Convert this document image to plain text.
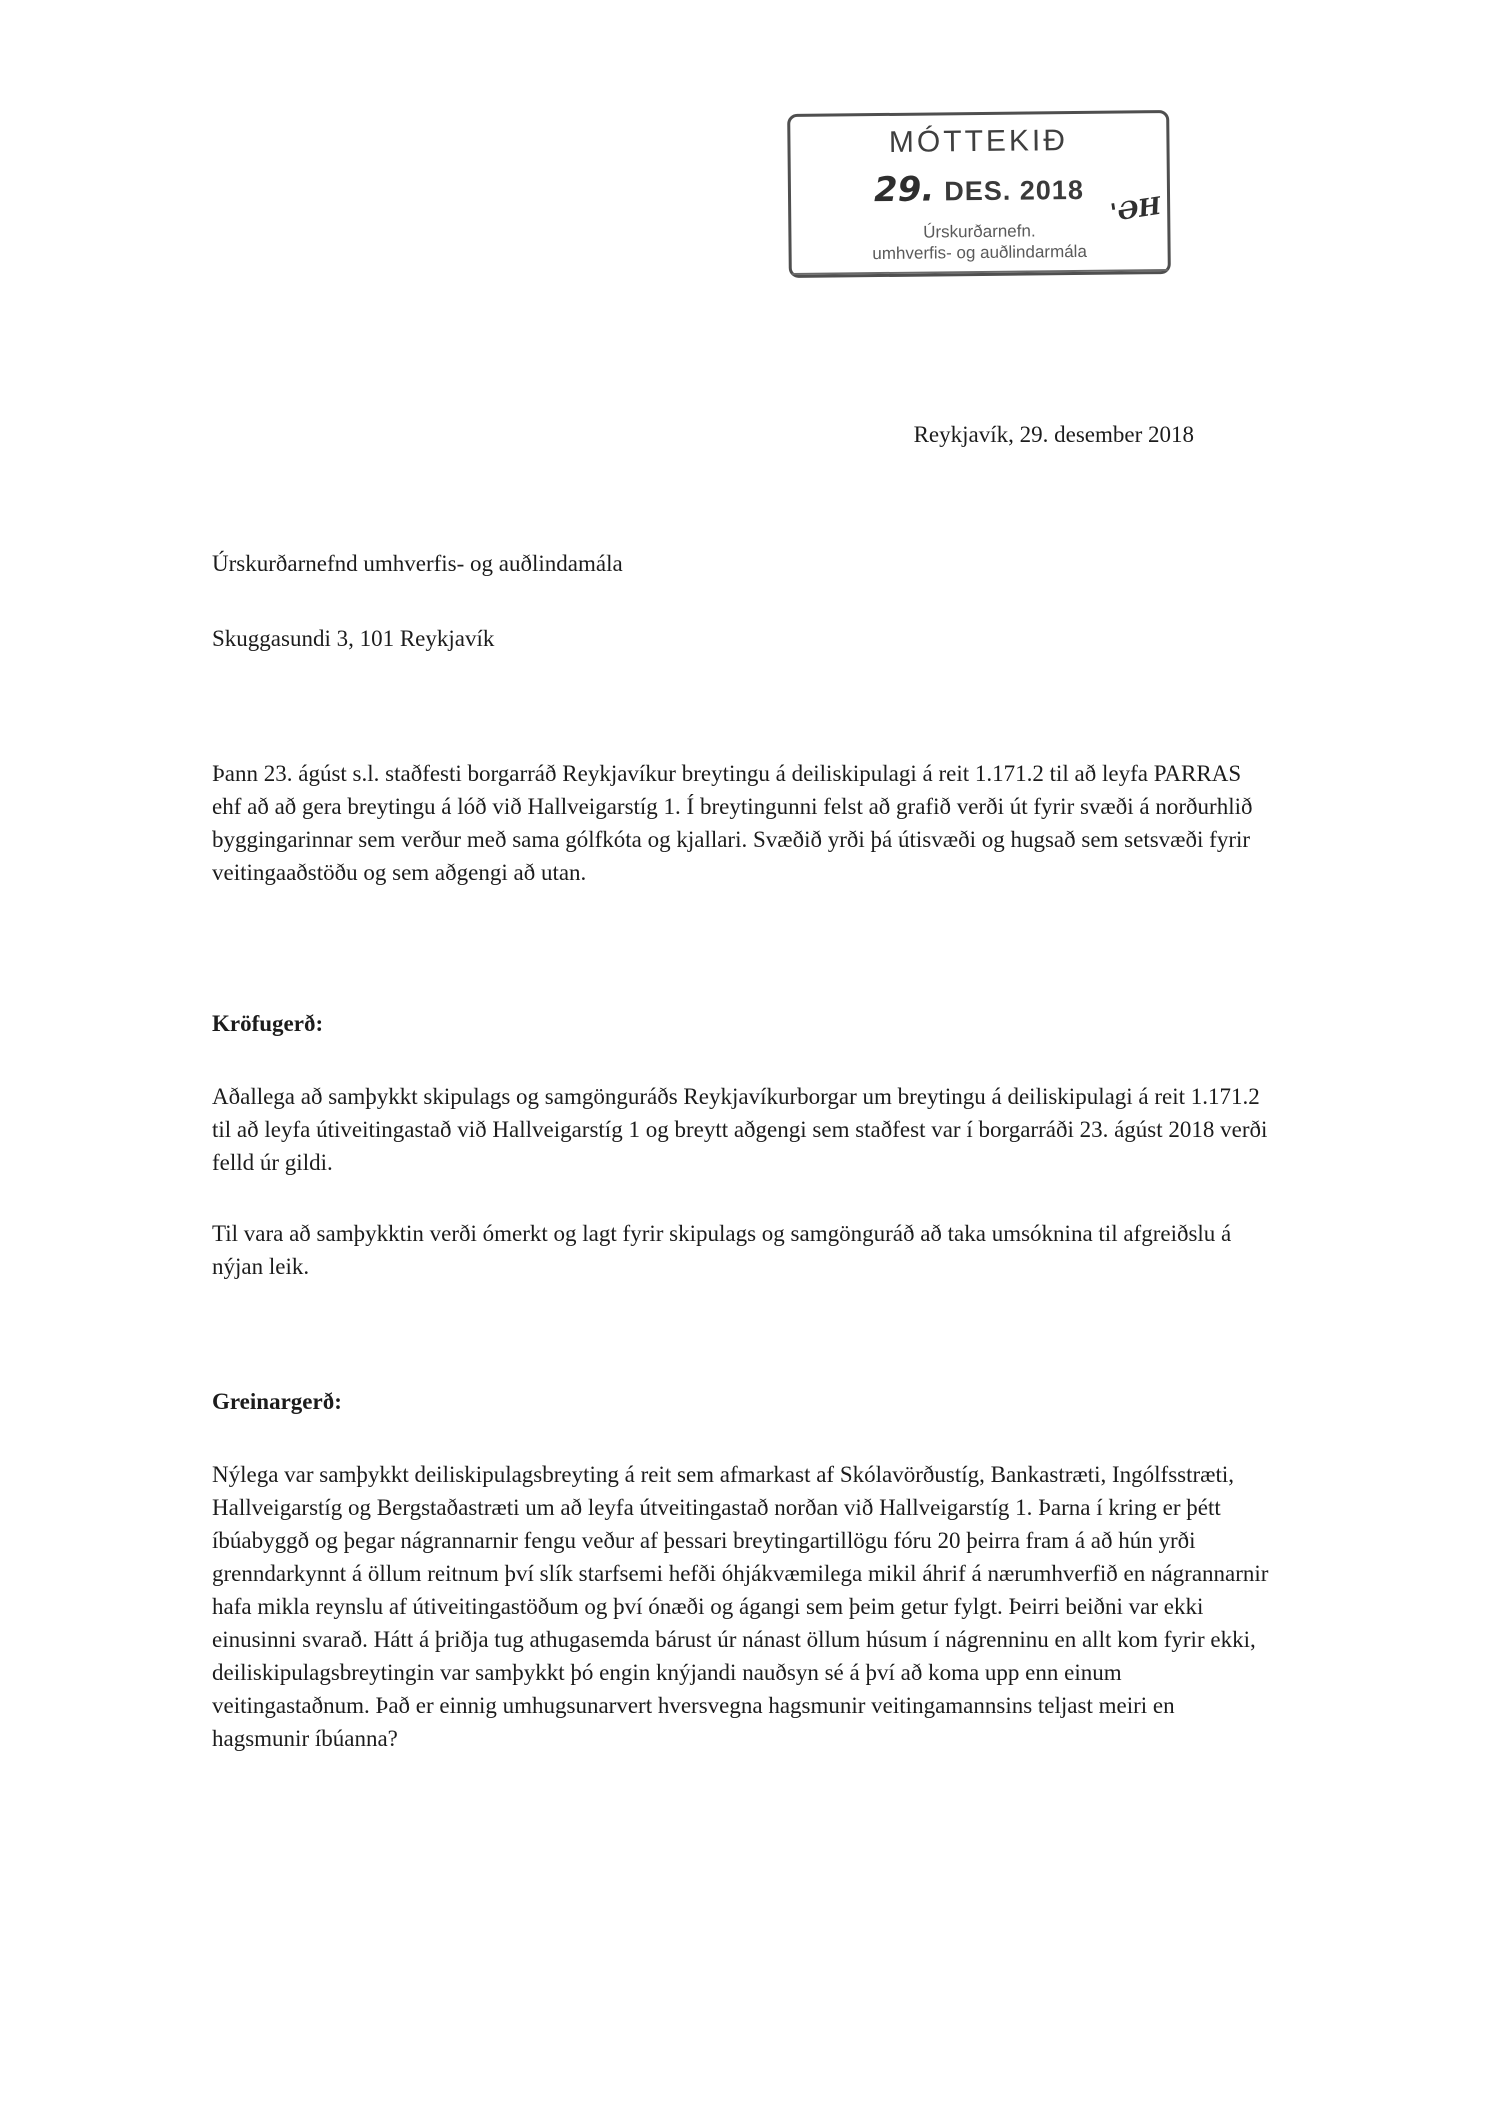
MÓTTEKIÐ
29. DES. 2018
'ƏH
Úrskurðarnefn.
umhverfis- og auðlindarmála
Reykjavík, 29. desember 2018

Úrskurðarnefnd umhverfis- og auðlindamála

Skuggasundi 3, 101 Reykjavík

Þann 23. ágúst s.l. staðfesti borgarráð Reykjavíkur breytingu á deiliskipulagi á reit 1.171.2 til að leyfa PARRAS ehf að að gera breytingu á lóð við Hallveigarstíg 1. Í breytingunni felst að grafið verði út fyrir svæði á norðurhlið byggingarinnar sem verður með sama gólfkóta og kjallari. Svæðið yrði þá útisvæði og hugsað sem setsvæði fyrir veitingaaðstöðu og sem aðgengi að utan.

Kröfugerð:

Aðallega að samþykkt skipulags og samgönguráðs Reykjavíkurborgar um breytingu á deiliskipulagi á reit 1.171.2 til að leyfa útiveitingastað við Hallveigarstíg 1 og breytt aðgengi sem staðfest var í borgarráði 23. ágúst 2018 verði felld úr gildi.

Til vara að samþykktin verði ómerkt og lagt fyrir skipulags og samgönguráð að taka umsóknina til afgreiðslu á nýjan leik.

Greinargerð:

Nýlega var samþykkt deiliskipulagsbreyting á reit sem afmarkast af Skólavörðustíg, Bankastræti, Ingólfsstræti, Hallveigarstíg og Bergstaðastræti um að leyfa útveitingastað norðan við Hallveigarstíg 1. Þarna í kring er þétt íbúabyggð og þegar nágrannarnir fengu veður af þessari breytingartillögu fóru 20 þeirra fram á að hún yrði grenndarkynnt á öllum reitnum því slík starfsemi hefði óhjákvæmilega mikil áhrif á nærumhverfið en nágrannarnir hafa mikla reynslu af útiveitingastöðum og því ónæði og ágangi sem þeim getur fylgt. Þeirri beiðni var ekki einusinni svarað. Hátt á þriðja tug athugasemda bárust úr nánast öllum húsum í nágrenninu en allt kom fyrir ekki, deiliskipulagsbreytingin var samþykkt þó engin knýjandi nauðsyn sé á því að koma upp enn einum veitingastaðnum. Það er einnig umhugsunarvert hversvegna hagsmunir veitingamannsins teljast meiri en hagsmunir íbúanna?
